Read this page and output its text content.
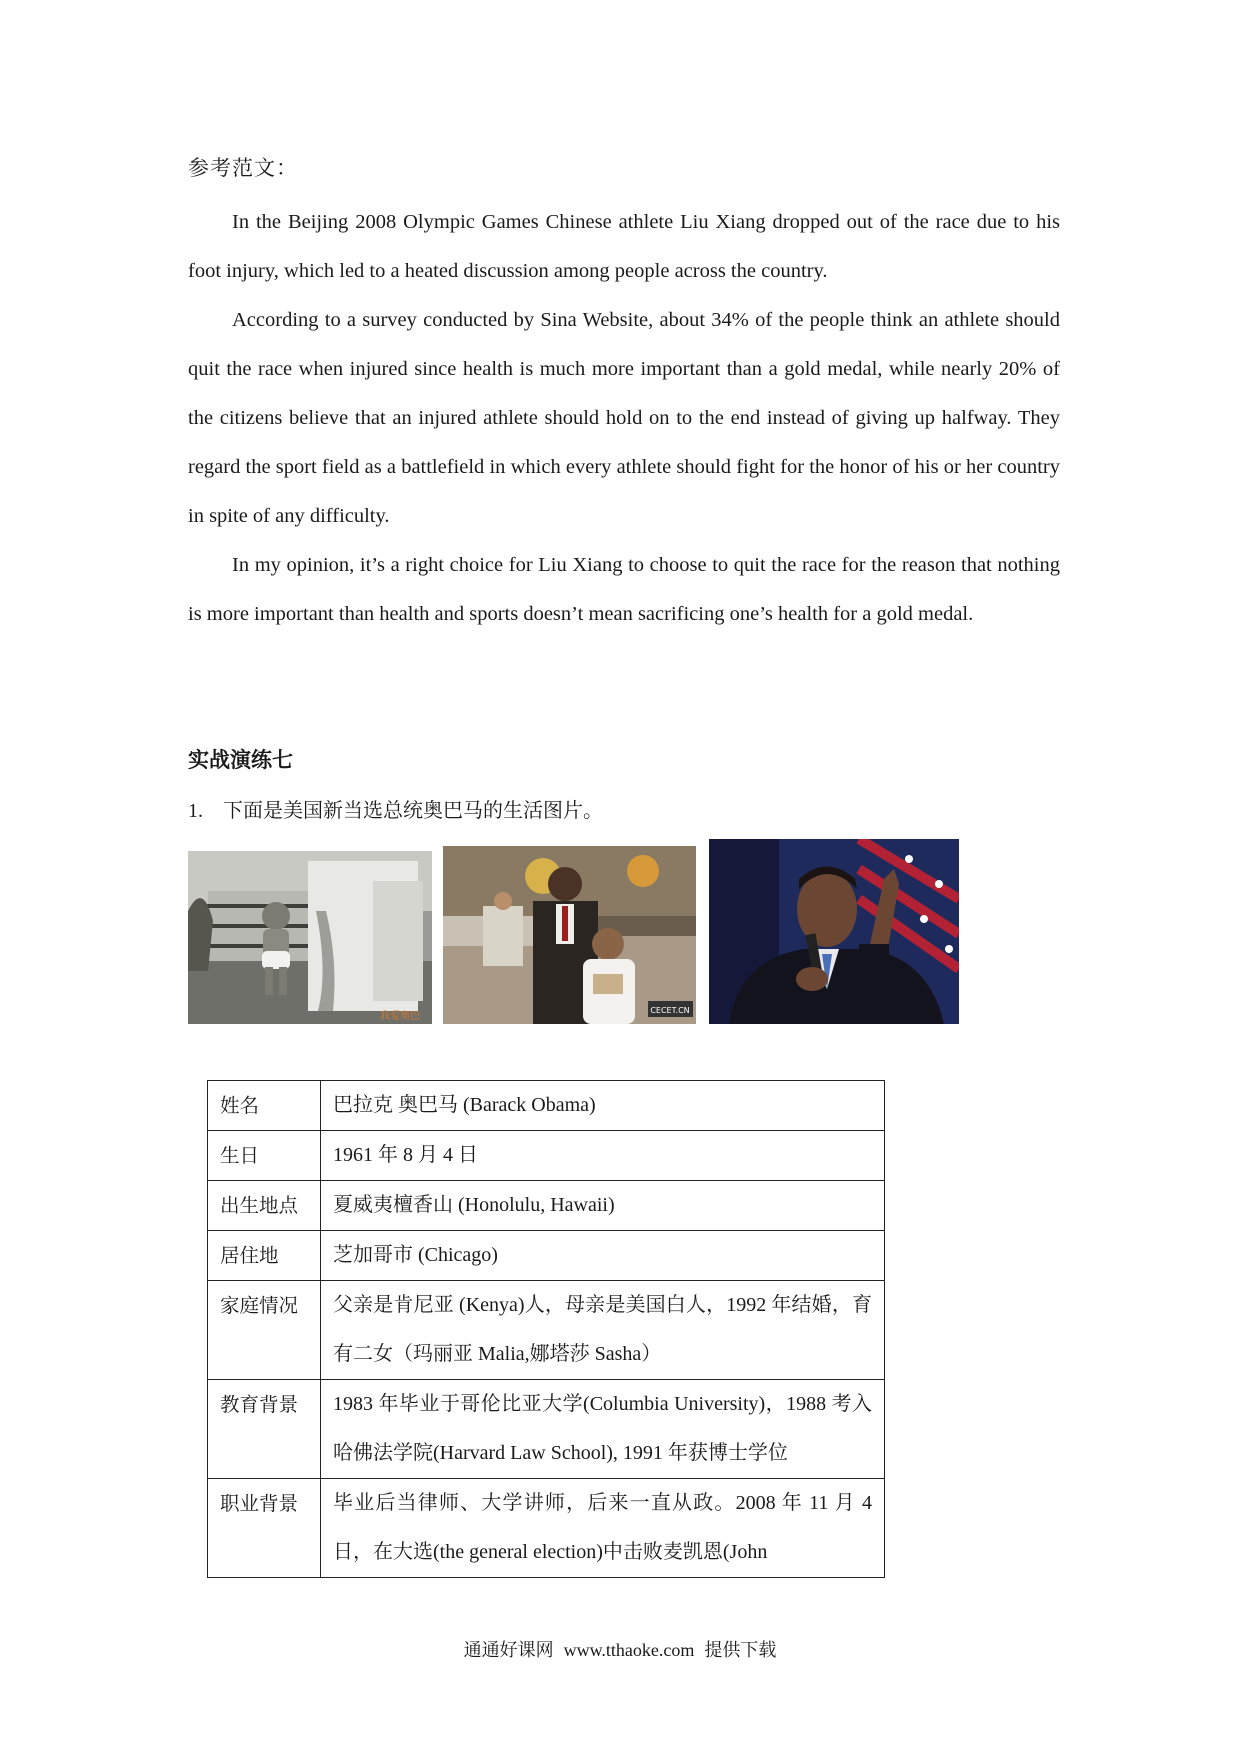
参考范文：

In the Beijing 2008 Olympic Games Chinese athlete Liu Xiang dropped out of the race due to his foot injury, which led to a heated discussion among people across the country.

According to a survey conducted by Sina Website, about 34% of the people think an athlete should quit the race when injured since health is much more important than a gold medal, while nearly 20% of the citizens believe that an injured athlete should hold on to the end instead of giving up halfway. They regard the sport field as a battlefield in which every athlete should fight for the honor of his or her country in spite of any difficulty.

In my opinion, it’s a right choice for Liu Xiang to choose to quit the race for the reason that nothing is more important than health and sports doesn’t mean sacrificing one’s health for a gold medal.

实战演练七
1. 下面是美国新当选总统奥巴马的生活图片。
我爱奥巴
CECET.CN
姓名	巴拉克 奥巴马 (Barack Obama)
生日	1961 年 8 月 4 日
出生地点	夏威夷檀香山 (Honolulu, Hawaii)
居住地	芝加哥市 (Chicago)
家庭情况	父亲是肯尼亚 (Kenya)人，母亲是美国白人，1992 年结婚，育有二女（玛丽亚 Malia,娜塔莎 Sasha）
教育背景	1983 年毕业于哥伦比亚大学(Columbia University)，1988 考入哈佛法学院(Harvard Law School), 1991 年获博士学位
职业背景	毕业后当律师、大学讲师，后来一直从政。2008 年 11 月 4 日，在大选(the general election)中击败麦凯恩(John
通通好课网 www.tthaoke.com 提供下载
